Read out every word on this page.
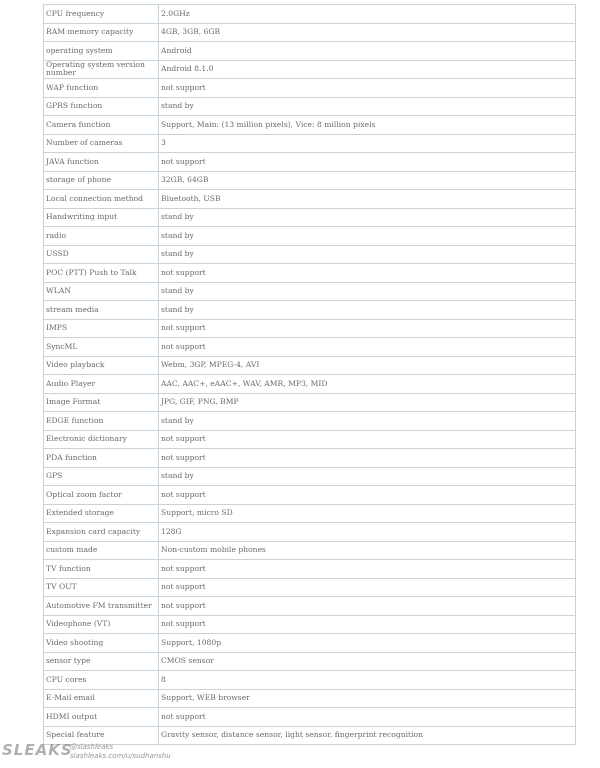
CPU frequency	2.0GHz
RAM memory capacity	4GB, 3GB, 6GB
operating system	Android
Operating system version number	Android 8.1.0
WAP function	not support
GPRS function	stand by
Camera function	Support, Main: (13 million pixels), Vice: 8 million pixels
Number of cameras	3
JAVA function	not support
storage of phone	32GB, 64GB
Local connection method	Bluetooth, USB
Handwriting input	stand by
radio	stand by
USSD	stand by
POC (PTT) Push to Talk	not support
WLAN	stand by
stream media	stand by
IMPS	not support
SyncML	not support
Video playback	Webm, 3GP, MPEG-4, AVI
Audio Player	AAC, AAC+, eAAC+, WAV, AMR, MP3, MID
Image Format	JPG, GIF, PNG, BMP
EDGE function	stand by
Electronic dictionary	not support
PDA function	not support
GPS	stand by
Optical zoom factor	not support
Extended storage	Support, micro SD
Expansion card capacity	128G
custom made	Non-custom mobile phones
TV function	not support
TV OUT	not support
Automotive FM transmitter	not support
Videophone (VT)	not support
Video shooting	Support, 1080p
sensor type	CMOS sensor
CPU cores	8
E-Mail email	Support, WEB browser
HDMI output	not support
Special feature	Gravity sensor, distance sensor, light sensor, fingerprint recognition
SLEAKS
@slashleaks
slashleaks.com/u/sudhanshu
